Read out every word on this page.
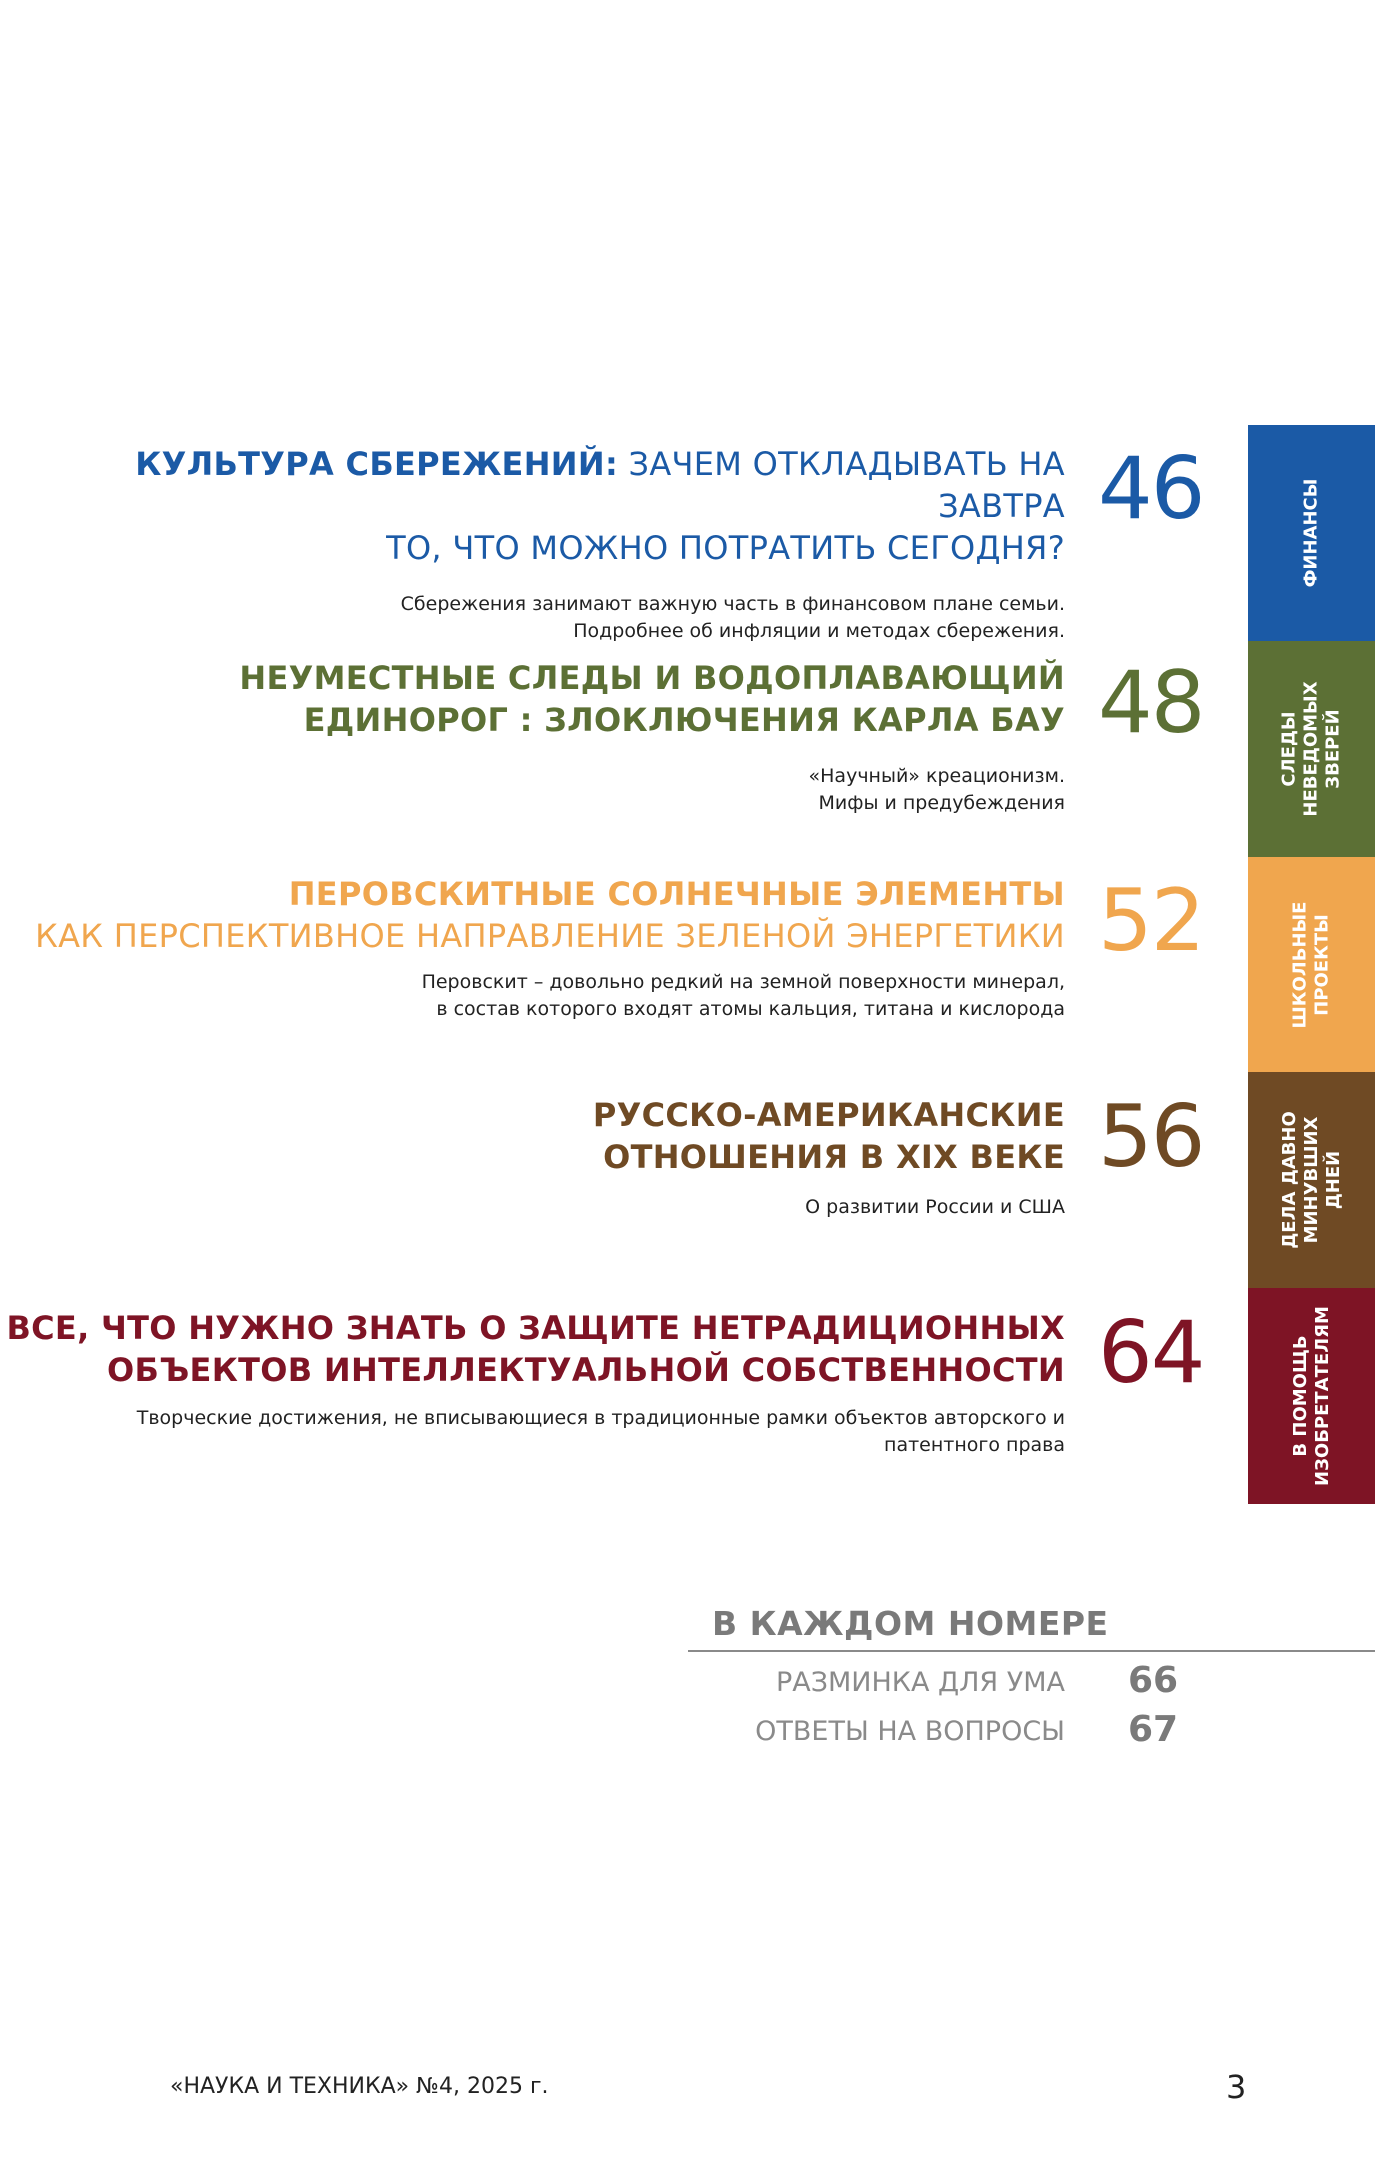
КУЛЬТУРА СБЕРЕЖЕНИЙ: ЗАЧЕМ ОТКЛАДЫВАТЬ НА ЗАВТРА
ТО, ЧТО МОЖНО ПОТРАТИТЬ СЕГОДНЯ?

Сбережения занимают важную часть в финансовом плане семьи.
Подробнее об инфляции и методах сбережения.
46

НЕУМЕСТНЫЕ СЛЕДЫ И ВОДОПЛАВАЮЩИЙ
ЕДИНОРОГ : ЗЛОКЛЮЧЕНИЯ КАРЛА БАУ

«Научный» креационизм.
Мифы и предубеждения
48

ПЕРОВСКИТНЫЕ СОЛНЕЧНЫЕ ЭЛЕМЕНТЫ
КАК ПЕРСПЕКТИВНОЕ НАПРАВЛЕНИЕ ЗЕЛЕНОЙ ЭНЕРГЕТИКИ

Перовскит – довольно редкий на земной поверхности минерал,
в состав которого входят атомы кальция, титана и кислорода
52

РУССКО-АМЕРИКАНСКИЕ
ОТНОШЕНИЯ В XIX ВЕКЕ

О развитии России и США
56

ВСЕ, ЧТО НУЖНО ЗНАТЬ О ЗАЩИТЕ НЕТРАДИЦИОННЫХ
ОБЪЕКТОВ ИНТЕЛЛЕКТУАЛЬНОЙ СОБСТВЕННОСТИ

Творческие достижения, не вписывающиеся в традиционные рамки объектов авторского и
патентного права
64
ФИНАНСЫ
СЛЕДЫ НЕВЕДОМЫХ ЗВЕРЕЙ
ШКОЛЬНЫЕ ПРОЕКТЫ
ДЕЛА ДАВНО МИНУВШИХ ДНЕЙ
В ПОМОЩЬ ИЗОБРЕТАТЕЛЯМ
В КАЖДОМ НОМЕРЕ
РАЗМИНКА ДЛЯ УМА 66
ОТВЕТЫ НА ВОПРОСЫ 67
«НАУКА И ТЕХНИКА» №4, 2025 г.	3
